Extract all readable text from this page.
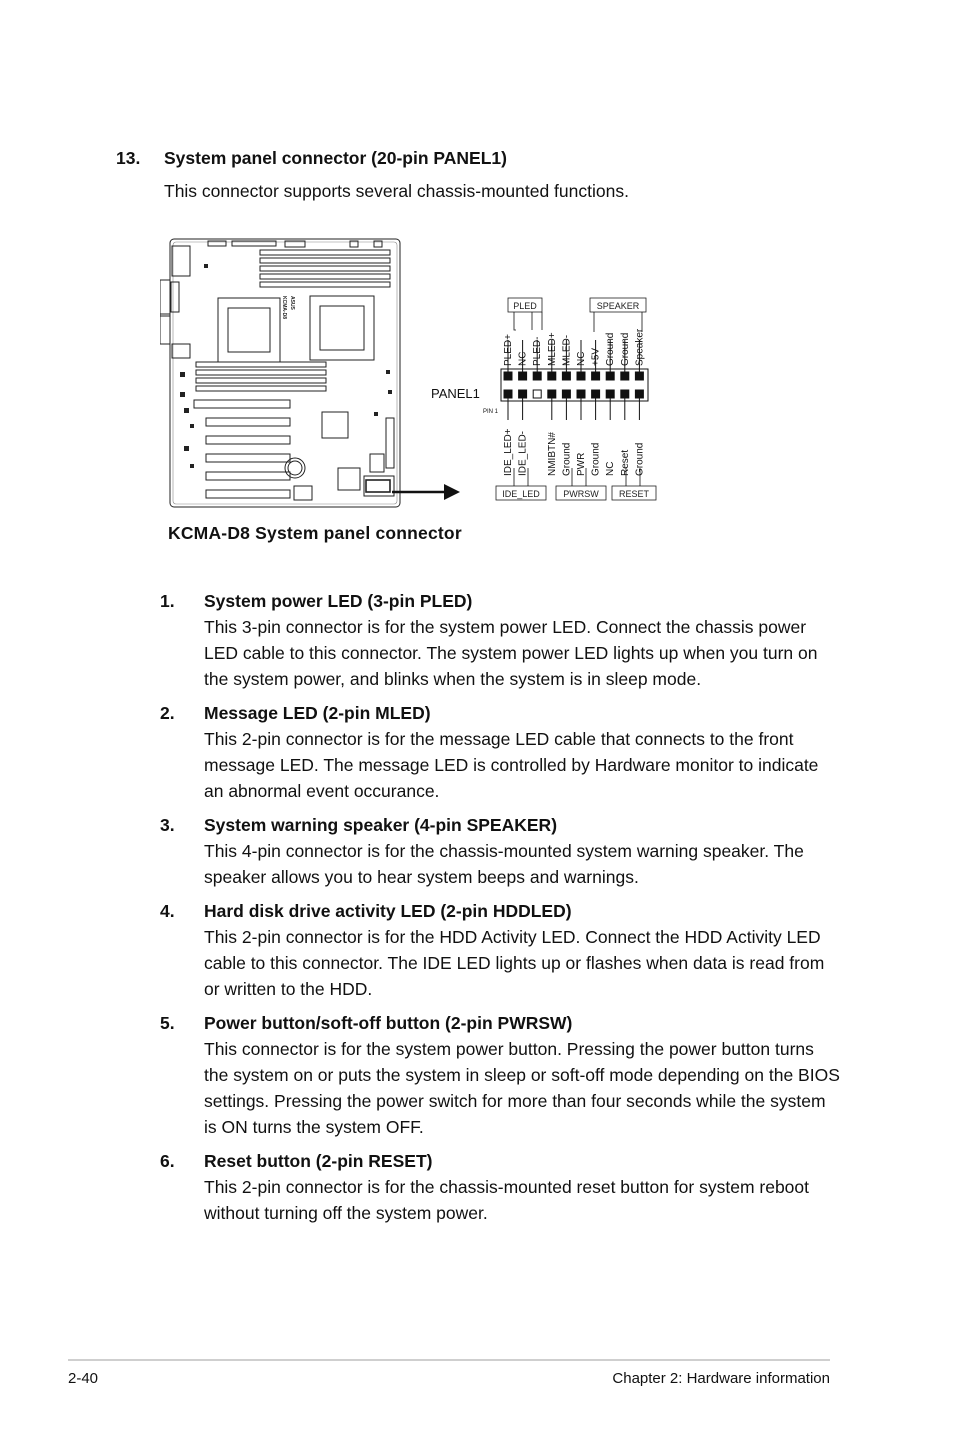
13. System panel connector (20-pin PANEL1)
This connector supports several chassis-mounted functions.
KCMA-D8 ASUS	PLED	SPEAKER
PANEL1
PIN 1
PLED+ NC PLED- MLED+ MLED- NC +5V Ground Ground Speaker
IDE_LED+ IDE_LED- NMIBTN# Ground PWR Ground NC Reset Ground
IDE_LED	PWRSW RESET
KCMA-D8 System panel connector
1.	System power LED (3-pin PLED)
This 3-pin connector is for the system power LED. Connect the chassis power LED cable to this connector. The system power LED lights up when you turn on the system power, and blinks when the system is in sleep mode.
2.	Message LED (2-pin MLED)
This 2-pin connector is for the message LED cable that connects to the front message LED. The message LED is controlled by Hardware monitor to indicate an abnormal event occurance.
3.	System warning speaker (4-pin SPEAKER)
This 4-pin connector is for the chassis-mounted system warning speaker. The speaker allows you to hear system beeps and warnings.
4.	Hard disk drive activity LED (2-pin HDDLED)
This 2-pin connector is for the HDD Activity LED. Connect the HDD Activity LED cable to this connector. The IDE LED lights up or flashes when data is read from or written to the HDD.
5.	Power button/soft-off button (2-pin PWRSW)
This connector is for the system power button. Pressing the power button turns the system on or puts the system in sleep or soft-off mode depending on the BIOS settings. Pressing the power switch for more than four seconds while the system is ON turns the system OFF.
6.	Reset button (2-pin RESET)
This 2-pin connector is for the chassis-mounted reset button for system reboot without turning off the system power.
2-40	Chapter 2: Hardware information
